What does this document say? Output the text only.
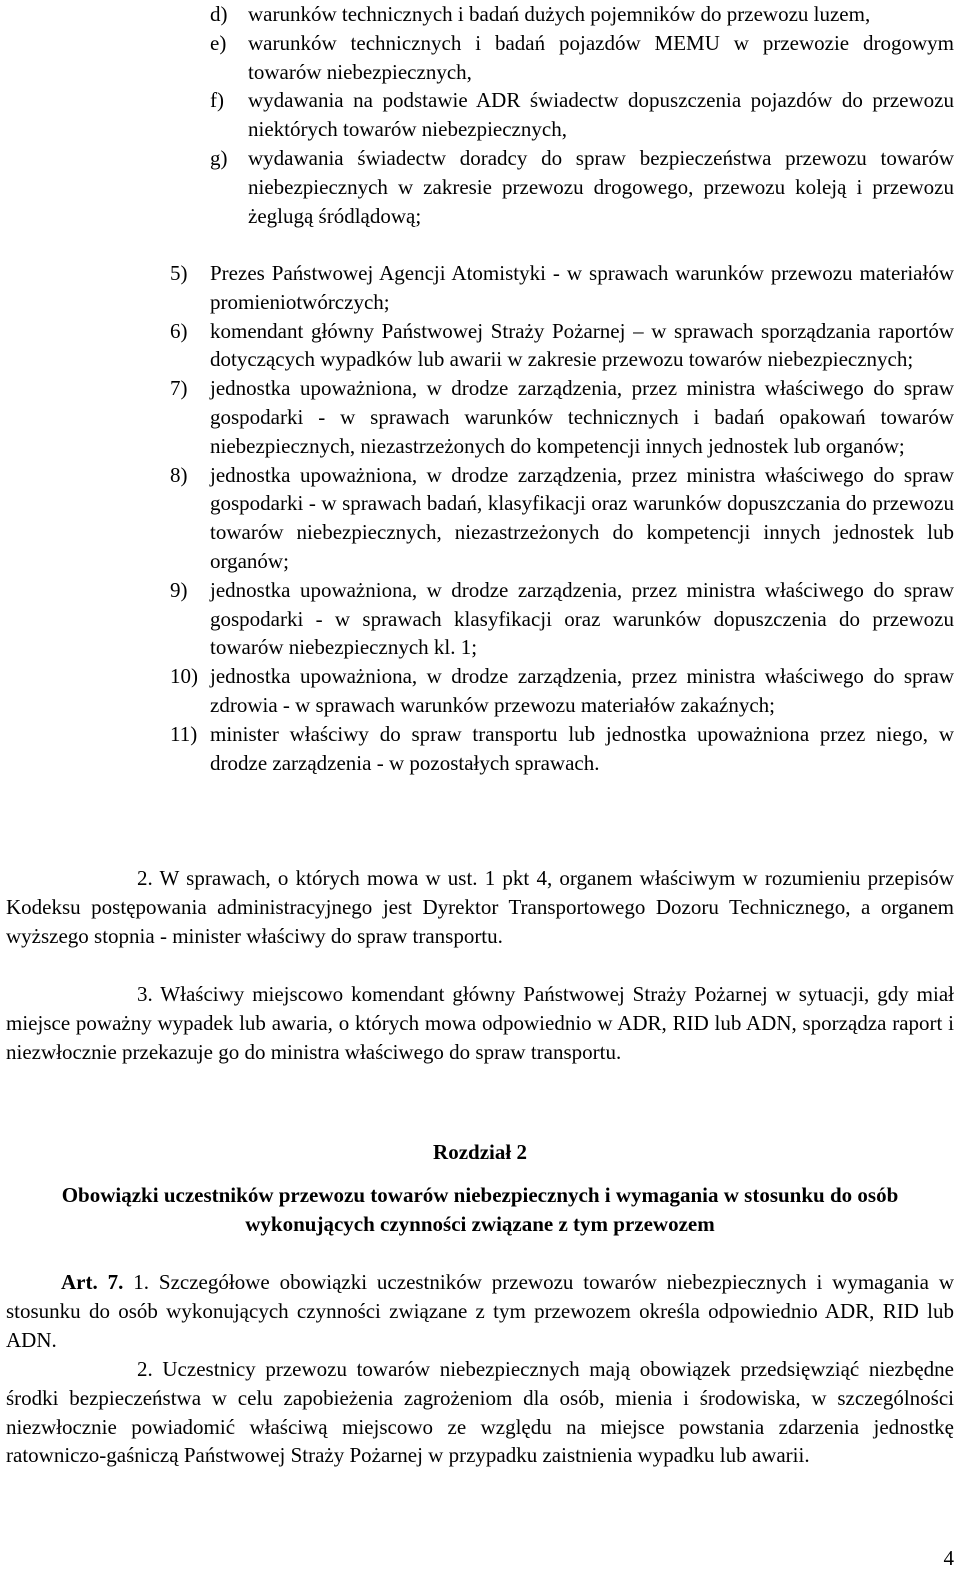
d) warunków technicznych i badań dużych pojemników do przewozu luzem,
e) warunków technicznych i badań pojazdów MEMU w przewozie drogowym towarów niebezpiecznych,
f) wydawania na podstawie ADR świadectw dopuszczenia pojazdów do przewozu niektórych towarów niebezpiecznych,
g) wydawania świadectw doradcy do spraw bezpieczeństwa przewozu towarów niebezpiecznych w zakresie przewozu drogowego, przewozu koleją i przewozu żeglugą śródlądową;
5) Prezes Państwowej Agencji Atomistyki - w sprawach warunków przewozu materiałów promieniotwórczych;
6) komendant główny Państwowej Straży Pożarnej – w sprawach sporządzania raportów dotyczących wypadków lub awarii w zakresie przewozu towarów niebezpiecznych;
7) jednostka upoważniona, w drodze zarządzenia, przez ministra właściwego do spraw gospodarki - w sprawach warunków technicznych i badań opakowań towarów niebezpiecznych, niezastrzeżonych do kompetencji innych jednostek lub organów;
8) jednostka upoważniona, w drodze zarządzenia, przez ministra właściwego do spraw gospodarki - w sprawach badań, klasyfikacji oraz warunków dopuszczania do przewozu towarów niebezpiecznych, niezastrzeżonych do kompetencji innych jednostek lub organów;
9) jednostka upoważniona, w drodze zarządzenia, przez ministra właściwego do spraw gospodarki - w sprawach klasyfikacji oraz warunków dopuszczenia do przewozu towarów niebezpiecznych kl. 1;
10) jednostka upoważniona, w drodze zarządzenia, przez ministra właściwego do spraw zdrowia - w sprawach warunków przewozu materiałów zakaźnych;
11) minister właściwy do spraw transportu lub jednostka upoważniona przez niego, w drodze zarządzenia - w pozostałych sprawach.
2. W sprawach, o których mowa w ust. 1 pkt 4, organem właściwym w rozumieniu przepisów Kodeksu postępowania administracyjnego jest Dyrektor Transportowego Dozoru Technicznego, a organem wyższego stopnia - minister właściwy do spraw transportu.
3. Właściwy miejscowo komendant główny Państwowej Straży Pożarnej w sytuacji, gdy miał miejsce poważny wypadek lub awaria, o których mowa odpowiednio w ADR, RID lub ADN, sporządza raport i niezwłocznie przekazuje go do ministra właściwego do spraw transportu.
Rozdział 2
Obowiązki uczestników przewozu towarów niebezpiecznych i wymagania w stosunku do osób wykonujących czynności związane z tym przewozem
Art. 7. 1. Szczegółowe obowiązki uczestników przewozu towarów niebezpiecznych i wymagania w stosunku do osób wykonujących czynności związane z tym przewozem określa odpowiednio ADR, RID lub ADN.
2. Uczestnicy przewozu towarów niebezpiecznych mają obowiązek przedsięwziąć niezbędne środki bezpieczeństwa w celu zapobieżenia zagrożeniom dla osób, mienia i środowiska, w szczególności niezwłocznie powiadomić właściwą miejscowo ze względu na miejsce powstania zdarzenia jednostkę ratowniczo-gaśniczą Państwowej Straży Pożarnej w przypadku zaistnienia wypadku lub awarii.
4
